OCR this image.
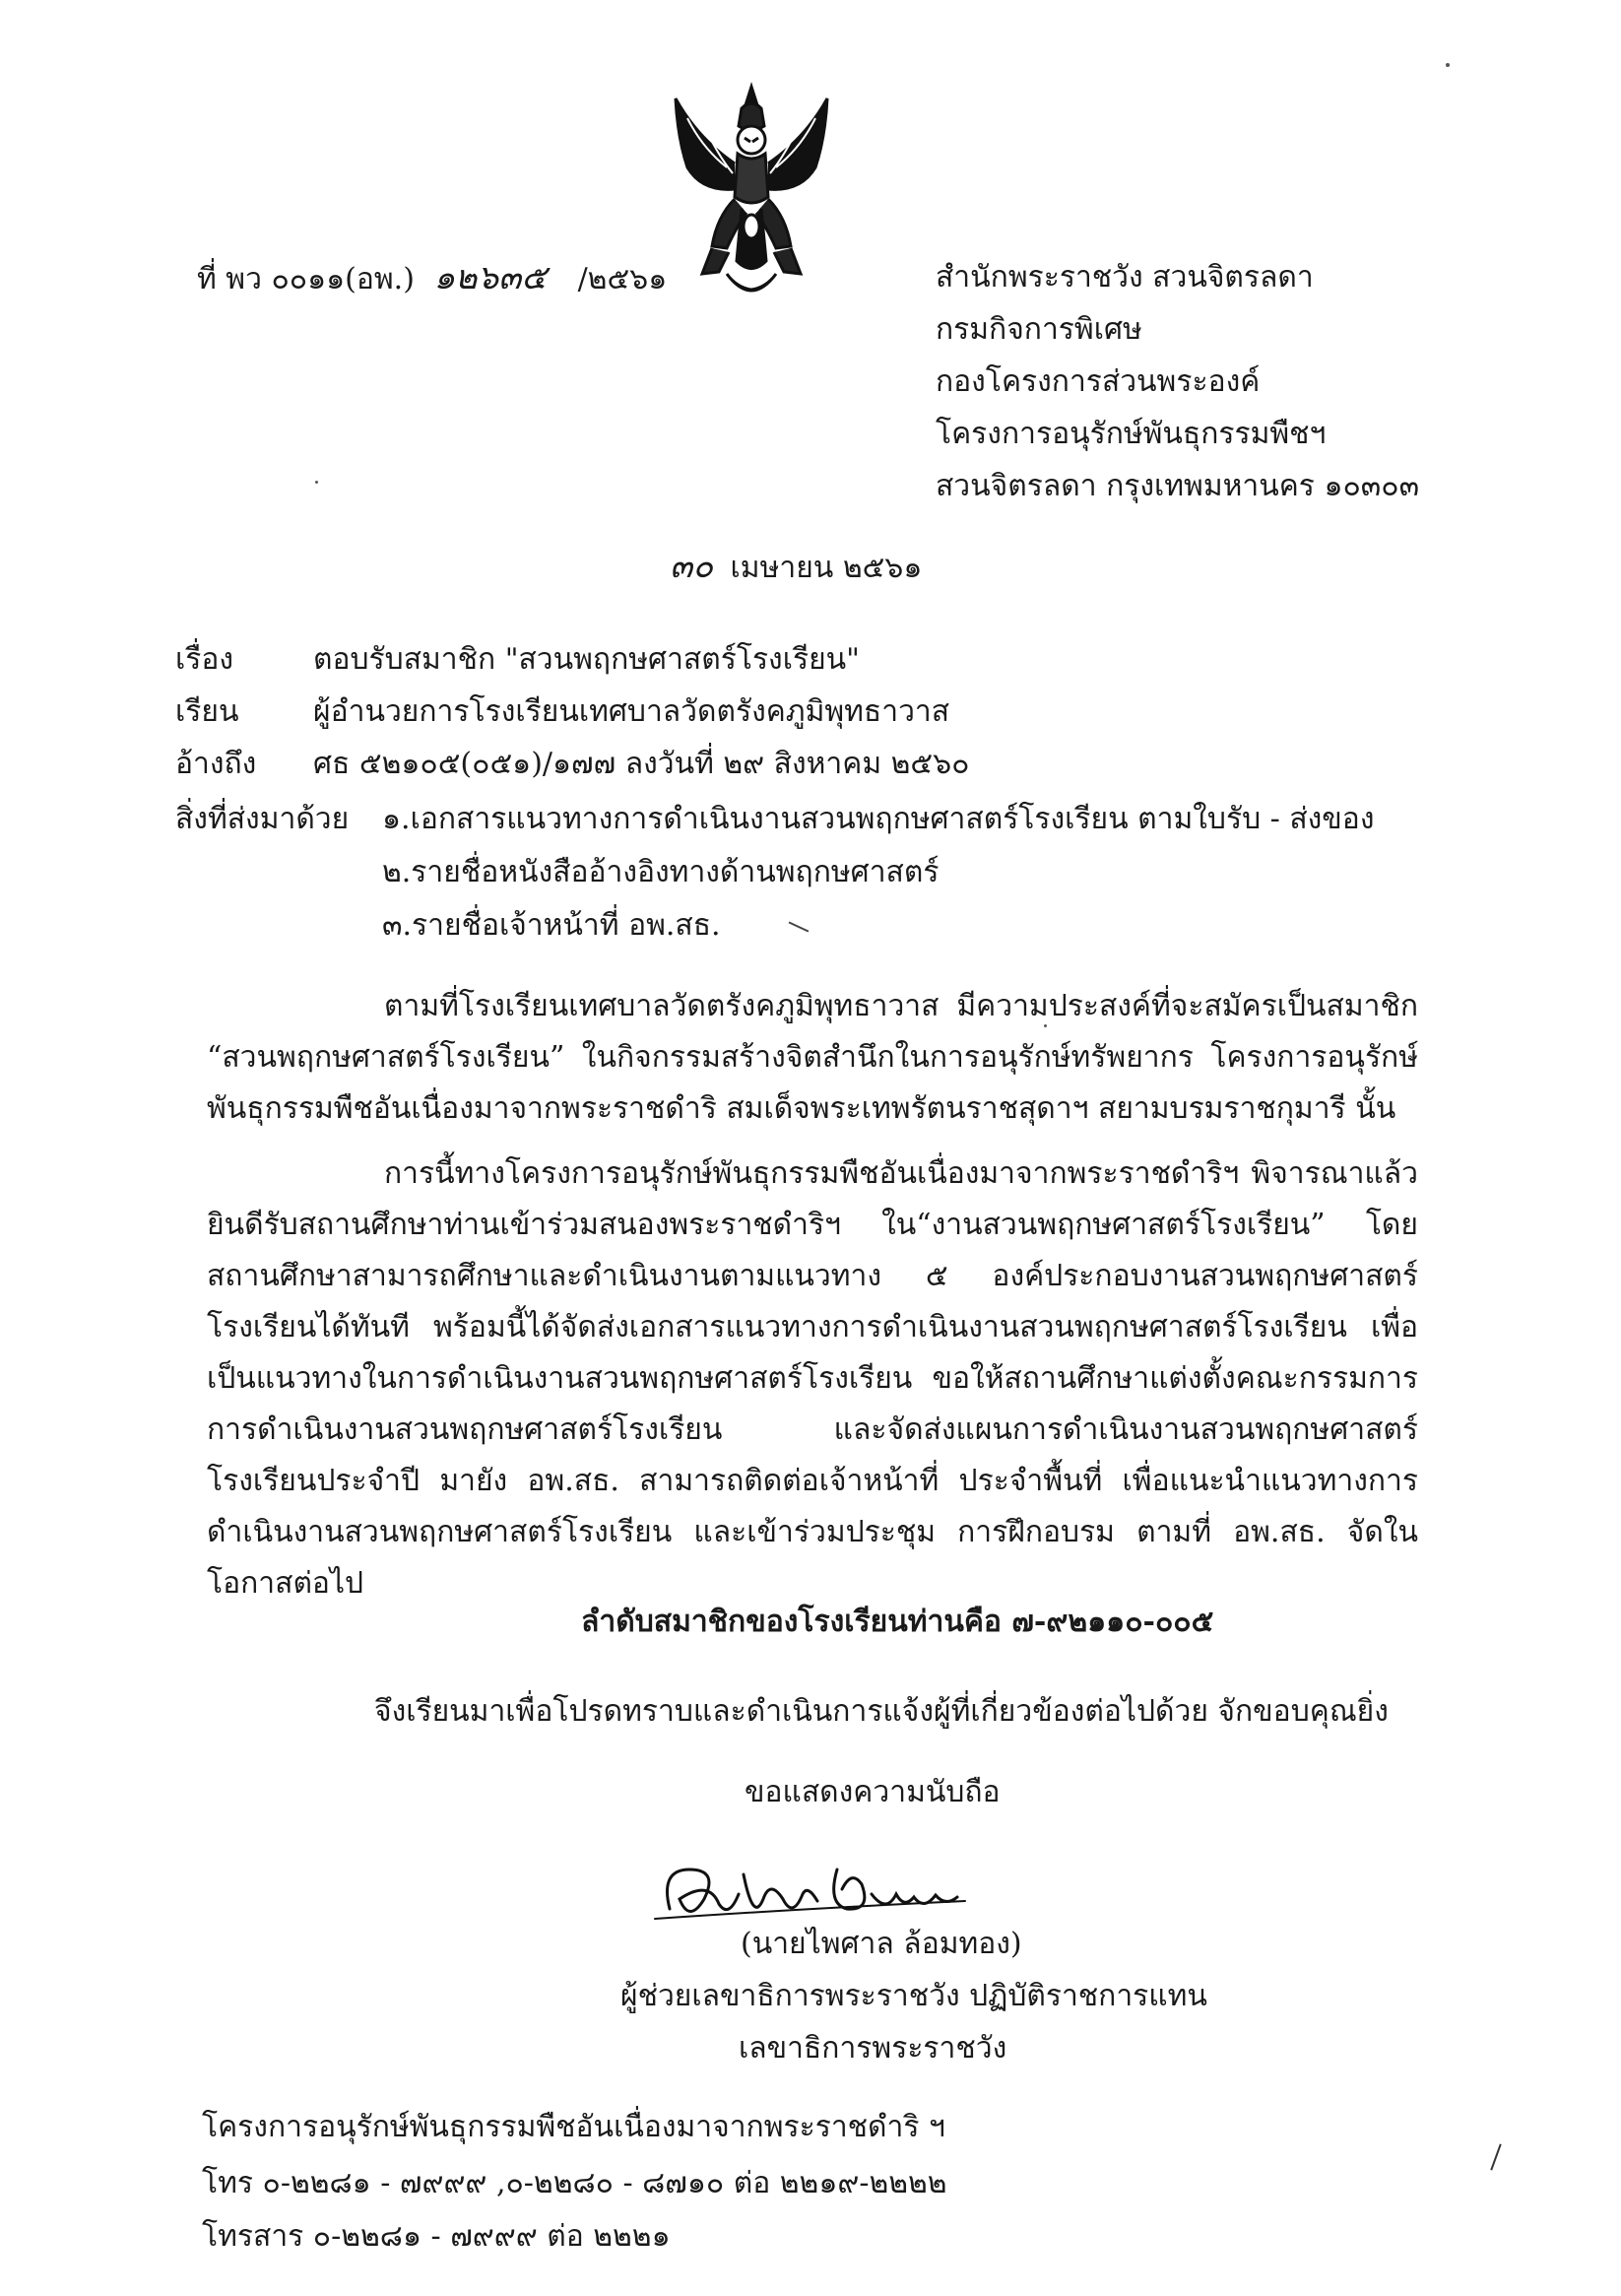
ที่ พว ๐๐๑๑(อพ.) ๑๒๖๓๕ /๒๕๖๑	สำนักพระราชวัง สวนจิตรลดา
กรมกิจการพิเศษ
กองโครงการส่วนพระองค์
โครงการอนุรักษ์พันธุกรรมพืชฯ
สวนจิตรลดา กรุงเทพมหานคร ๑๐๓๐๓
๓๐ เมษายน ๒๕๖๑
เรื่อง	ตอบรับสมาชิก "สวนพฤกษศาสตร์โรงเรียน"
เรียน	ผู้อำนวยการโรงเรียนเทศบาลวัดตรังคภูมิพุทธาวาส
อ้างถึง ศธ ๕๒๑๐๕(๐๕๑)/๑๗๗ ลงวันที่ ๒๙ สิงหาคม ๒๕๖๐
สิ่งที่ส่งมาด้วย ๑.เอกสารแนวทางการดำเนินงานสวนพฤกษศาสตร์โรงเรียน ตามใบรับ - ส่งของ
๒.รายชื่อหนังสืออ้างอิงทางด้านพฤกษศาสตร์
๓.รายชื่อเจ้าหน้าที่ อพ.สธ.

ตามที่โรงเรียนเทศบาลวัดตรังคภูมิพุทธาวาส มีความประสงค์ที่จะสมัครเป็นสมาชิก “สวนพฤกษศาสตร์โรงเรียน” ในกิจกรรมสร้างจิตสำนึกในการอนุรักษ์ทรัพยากร โครงการอนุรักษ์พันธุกรรมพืชอันเนื่องมาจากพระราชดำริ สมเด็จพระเทพรัตนราชสุดาฯ สยามบรมราชกุมารี นั้น

การนี้ทางโครงการอนุรักษ์พันธุกรรมพืชอันเนื่องมาจากพระราชดำริฯ พิจารณาแล้ว ยินดีรับสถานศึกษาท่านเข้าร่วมสนองพระราชดำริฯ ใน“งานสวนพฤกษศาสตร์โรงเรียน” โดยสถานศึกษาสามารถศึกษาและดำเนินงานตามแนวทาง ๕ องค์ประกอบงานสวนพฤกษศาสตร์โรงเรียนได้ทันที พร้อมนี้ได้จัดส่งเอกสารแนวทางการดำเนินงานสวนพฤกษศาสตร์โรงเรียน เพื่อเป็นแนวทางในการดำเนินงานสวนพฤกษศาสตร์โรงเรียน ขอให้สถานศึกษาแต่งตั้งคณะกรรมการการดำเนินงานสวนพฤกษศาสตร์โรงเรียน และจัดส่งแผนการดำเนินงานสวนพฤกษศาสตร์โรงเรียนประจำปี มายัง อพ.สธ. สามารถติดต่อเจ้าหน้าที่ ประจำพื้นที่ เพื่อแนะนำแนวทางการดำเนินงานสวนพฤกษศาสตร์โรงเรียน และเข้าร่วมประชุม การฝึกอบรม ตามที่ อพ.สธ. จัดในโอกาสต่อไป

ลำดับสมาชิกของโรงเรียนท่านคือ ๗-๙๒๑๑๐-๐๐๕
จึงเรียนมาเพื่อโปรดทราบและดำเนินการแจ้งผู้ที่เกี่ยวข้องต่อไปด้วย จักขอบคุณยิ่ง
ขอแสดงความนับถือ
(นายไพศาล ล้อมทอง)
ผู้ช่วยเลขาธิการพระราชวัง ปฏิบัติราชการแทน
เลขาธิการพระราชวัง
โครงการอนุรักษ์พันธุกรรมพืชอันเนื่องมาจากพระราชดำริ ฯ
โทร ๐-๒๒๘๑ - ๗๙๙๙ ,๐-๒๒๘๐ - ๘๗๑๐ ต่อ ๒๒๑๙-๒๒๒๒
โทรสาร ๐-๒๒๘๑ - ๗๙๙๙ ต่อ ๒๒๒๑
